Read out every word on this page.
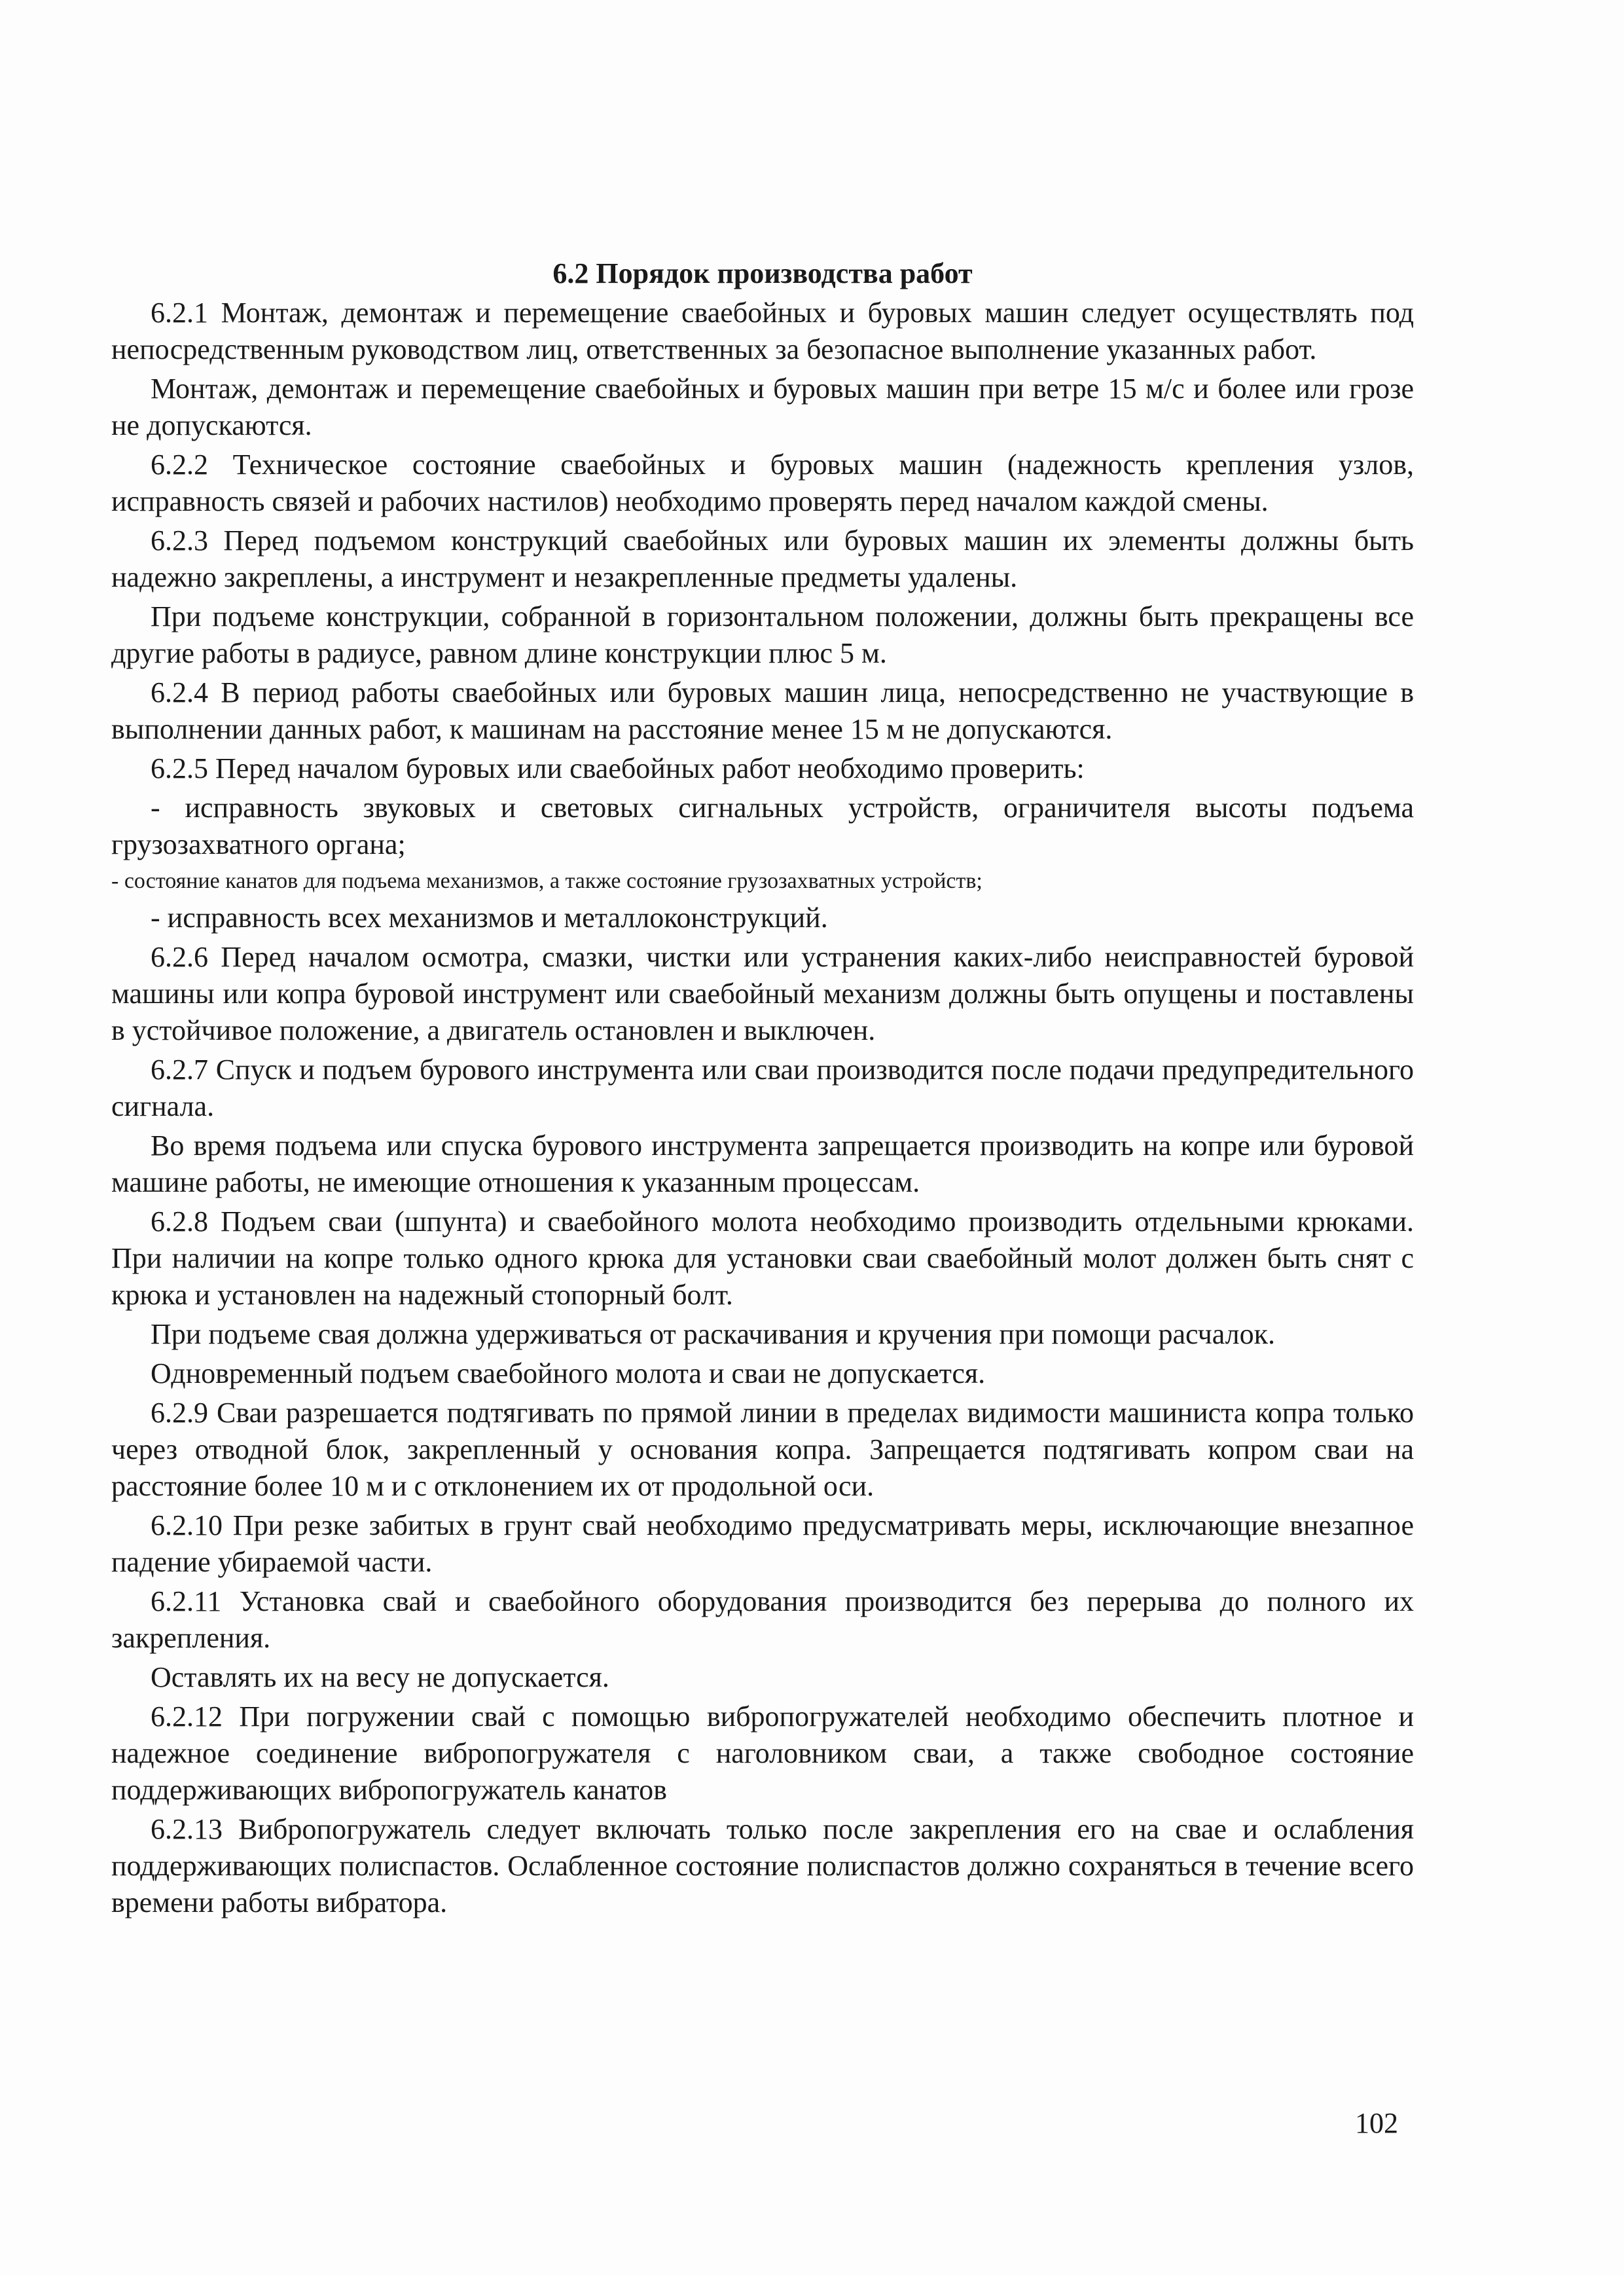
6.2 Порядок производства работ

6.2.1 Монтаж, демонтаж и перемещение сваебойных и буровых машин следует осуществлять под непосредственным руководством лиц, ответственных за безопасное выполнение указанных работ.

Монтаж, демонтаж и перемещение сваебойных и буровых машин при ветре 15 м/с и более или грозе не допускаются.

6.2.2 Техническое состояние сваебойных и буровых машин (надежность крепления узлов, исправность связей и рабочих настилов) необходимо проверять перед началом каждой смены.

6.2.3 Перед подъемом конструкций сваебойных или буровых машин их элементы должны быть надежно закреплены, а инструмент и незакрепленные предметы удалены.

При подъеме конструкции, собранной в горизонтальном положении, должны быть прекращены все другие работы в радиусе, равном длине конструкции плюс 5 м.

6.2.4 В период работы сваебойных или буровых машин лица, непосредственно не участвующие в выполнении данных работ, к машинам на расстояние менее 15 м не допускаются.

6.2.5 Перед началом буровых или сваебойных работ необходимо проверить:

- исправность звуковых и световых сигнальных устройств, ограничителя высоты подъема грузозахватного органа;

- состояние канатов для подъема механизмов, а также состояние грузозахватных устройств;

- исправность всех механизмов и металлоконструкций.

6.2.6 Перед началом осмотра, смазки, чистки или устранения каких-либо неисправностей буровой машины или копра буровой инструмент или сваебойный механизм должны быть опущены и поставлены в устойчивое положение, а двигатель остановлен и выключен.

6.2.7 Спуск и подъем бурового инструмента или сваи производится после подачи предупредительного сигнала.

Во время подъема или спуска бурового инструмента запрещается производить на копре или буровой машине работы, не имеющие отношения к указанным процессам.

6.2.8 Подъем сваи (шпунта) и сваебойного молота необходимо производить отдельными крюками. При наличии на копре только одного крюка для установки сваи сваебойный молот должен быть снят с крюка и установлен на надежный стопорный болт.

При подъеме свая должна удерживаться от раскачивания и кручения при помощи расчалок.

Одновременный подъем сваебойного молота и сваи не допускается.

6.2.9 Сваи разрешается подтягивать по прямой линии в пределах видимости машиниста копра только через отводной блок, закрепленный у основания копра. Запрещается подтягивать копром сваи на расстояние более 10 м и с отклонением их от продольной оси.

6.2.10 При резке забитых в грунт свай необходимо предусматривать меры, исключающие внезапное падение убираемой части.

6.2.11 Установка свай и сваебойного оборудования производится без перерыва до полного их закрепления.

Оставлять их на весу не допускается.

6.2.12 При погружении свай с помощью вибропогружателей необходимо обеспечить плотное и надежное соединение вибропогружателя с наголовником сваи, а также свободное состояние поддерживающих вибропогружатель канатов

6.2.13 Вибропогружатель следует включать только после закрепления его на свае и ослабления поддерживающих полиспастов. Ослабленное состояние полиспастов должно сохраняться в течение всего времени работы вибратора.

102
